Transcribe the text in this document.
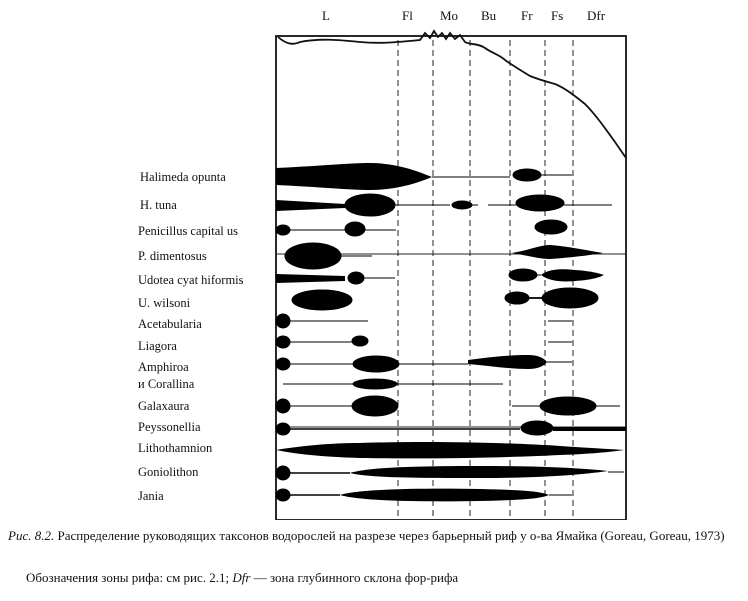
L	Fl Mo Bu Fr Fs Dfr
Halimeda opunta
H. tuna
Penicillus capital us
P. dimentosus
Udotea cyat hiformis
U. wilsoni
Acetabularia
Liagora
Amphiroa
и Corallina
Galaxaura
Peyssonellia
Lithothamnion
Goniolithon
Jania
Рис. 8.2. Распределение руководящих таксонов водорослей на разрезе через барьерный риф у о-ва Ямайка (Goreau, Goreau, 1973)
Обозначения зоны рифа: см рис. 2.1; Dfr — зона глубинного склона фор-рифа
